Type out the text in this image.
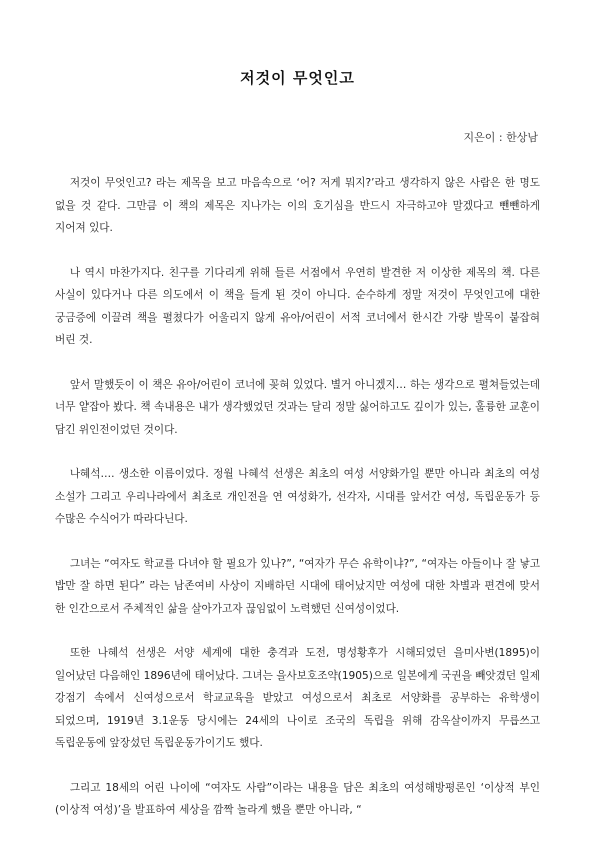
저것이 무엇인고
지은이 : 한상남

저것이 무엇인고? 라는 제목을 보고 마음속으로 ‘어? 저게 뭐지?’라고 생각하지 않은 사람은 한 명도 없을 것 같다. 그만큼 이 책의 제목은 지나가는 이의 호기심을 반드시 자극하고야 말겠다고 뺀뺀하게 지어져 있다.

나 역시 마찬가지다. 친구를 기다리게 위해 들른 서점에서 우연히 발견한 저 이상한 제목의 책. 다른 사실이 있다거나 다른 의도에서 이 책을 들게 된 것이 아니다. 순수하게 정말 저것이 무엇인고에 대한 궁금증에 이끌려 책을 펼쳤다가 어울리지 않게 유아/어린이 서적 코너에서 한시간 가량 발목이 붙잡혀 버린 것.

앞서 말했듯이 이 책은 유아/어린이 코너에 꽂혀 있었다. 별거 아니겠지… 하는 생각으로 펼쳐들었는데 너무 얕잡아 봤다. 책 속내용은 내가 생각했었던 것과는 달리 정말 싫어하고도 깊이가 있는, 훌륭한 교훈이 담긴 위인전이었던 것이다.

나혜석…. 생소한 이름이었다. 정월 나혜석 선생은 최초의 여성 서양화가일 뿐만 아니라 최초의 여성 소설가 그리고 우리나라에서 최초로 개인전을 연 여성화가, 선각자, 시대를 앞서간 여성, 독립운동가 등 수많은 수식어가 따라다닌다.

그녀는 “여자도 학교를 다녀야 할 필요가 있나?”, “여자가 무슨 유학이냐?”, “여자는 아들이나 잘 낳고 밥만 잘 하면 된다” 라는 남존여비 사상이 지배하던 시대에 태어났지만 여성에 대한 차별과 편견에 맞서 한 인간으로서 주체적인 삶을 살아가고자 끊임없이 노력했던 신여성이었다.

또한 나혜석 선생은 서양 세계에 대한 충격과 도전, 명성황후가 시해되었던 을미사변(1895)이 일어났던 다음해인 1896년에 태어났다. 그녀는 을사보호조약(1905)으로 일본에게 국권을 빼앗겼던 일제 강점기 속에서 신여성으로서 학교교육을 받았고 여성으로서 최초로 서양화를 공부하는 유학생이 되었으며, 1919년 3.1운동 당시에는 24세의 나이로 조국의 독립을 위해 감옥살이까지 무릅쓰고 독립운동에 앞장섰던 독립운동가이기도 했다.

그리고 18세의 어린 나이에 “여자도 사람”이라는 내용을 담은 최초의 여성해방평론인 ‘이상적 부인(이상적 여성)’을 발표하여 세상을 깜짝 놀라게 했을 뿐만 아니라, “
